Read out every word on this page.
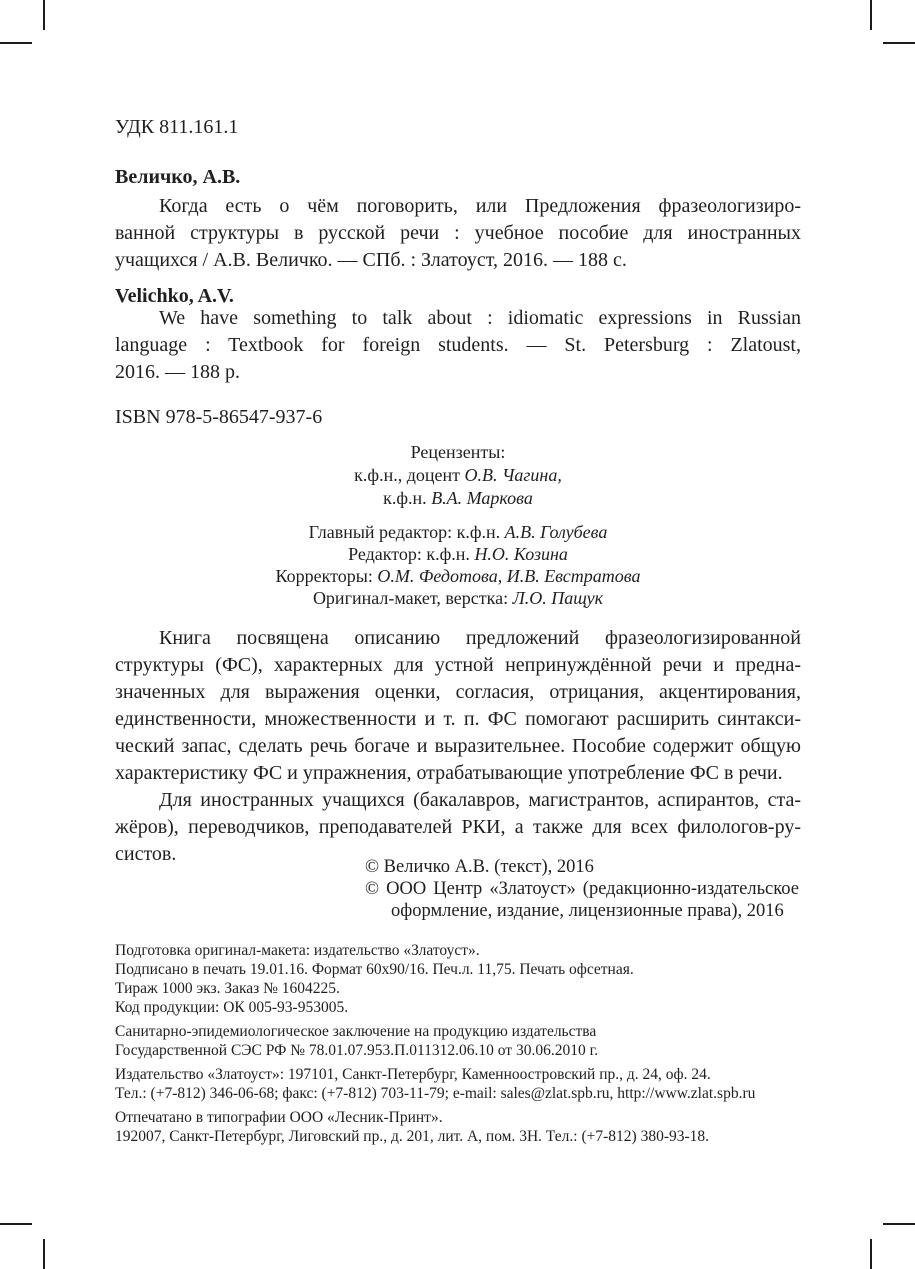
УДК 811.161.1
Величко, А.В.
Когда есть о чём поговорить, или Предложения фразеологизиро-
ванной структуры в русской речи : учебное пособие для иностранных
учащихся / А.В. Величко. — СПб. : Златоуст, 2016. — 188 с.
Velichko, A.V.
We have something to talk about : idiomatic expressions in Russian
language : Textbook for foreign students. — St. Petersburg : Zlatoust,
2016. — 188 p.
ISBN 978-5-86547-937-6
Рецензенты:
к.ф.н., доцент О.В. Чагина,
к.ф.н. В.А. Маркова
Главный редактор: к.ф.н. А.В. Голубева
Редактор: к.ф.н. Н.О. Козина
Корректоры: О.М. Федотова, И.В. Евстратова
Оригинал-макет, верстка: Л.О. Пащук
Книга посвящена описанию предложений фразеологизированной
структуры (ФС), характерных для устной непринуждённой речи и предна-
значенных для выражения оценки, согласия, отрицания, акцентирования,
единственности, множественности и т. п. ФС помогают расширить синтакси-
ческий запас, сделать речь богаче и выразительнее. Пособие содержит общую
характеристику ФС и упражнения, отрабатывающие употребление ФС в речи.
Для иностранных учащихся (бакалавров, магистрантов, аспирантов, ста-
жёров), переводчиков, преподавателей РКИ, а также для всех филологов-ру-
систов.
© Величко А.В. (текст), 2016
© ООО Центр «Златоуст» (редакционно-издательское
оформление, издание, лицензионные права), 2016
Подготовка оригинал-макета: издательство «Златоуст».
Подписано в печать 19.01.16. Формат 60х90/16. Печ.л. 11,75. Печать офсетная.
Тираж 1000 экз. Заказ № 1604225.
Код продукции: ОК 005-93-953005.
Санитарно-эпидемиологическое заключение на продукцию издательства
Государственной СЭС РФ № 78.01.07.953.П.011312.06.10 от 30.06.2010 г.
Издательство «Златоуст»: 197101, Санкт-Петербург, Каменноостровский пр., д. 24, оф. 24.
Тел.: (+7-812) 346-06-68; факс: (+7-812) 703-11-79; e-mail: sales@zlat.spb.ru, http://www.zlat.spb.ru
Отпечатано в типографии ООО «Лесник-Принт».
192007, Санкт-Петербург, Лиговский пр., д. 201, лит. А, пом. 3Н. Тел.: (+7-812) 380-93-18.
